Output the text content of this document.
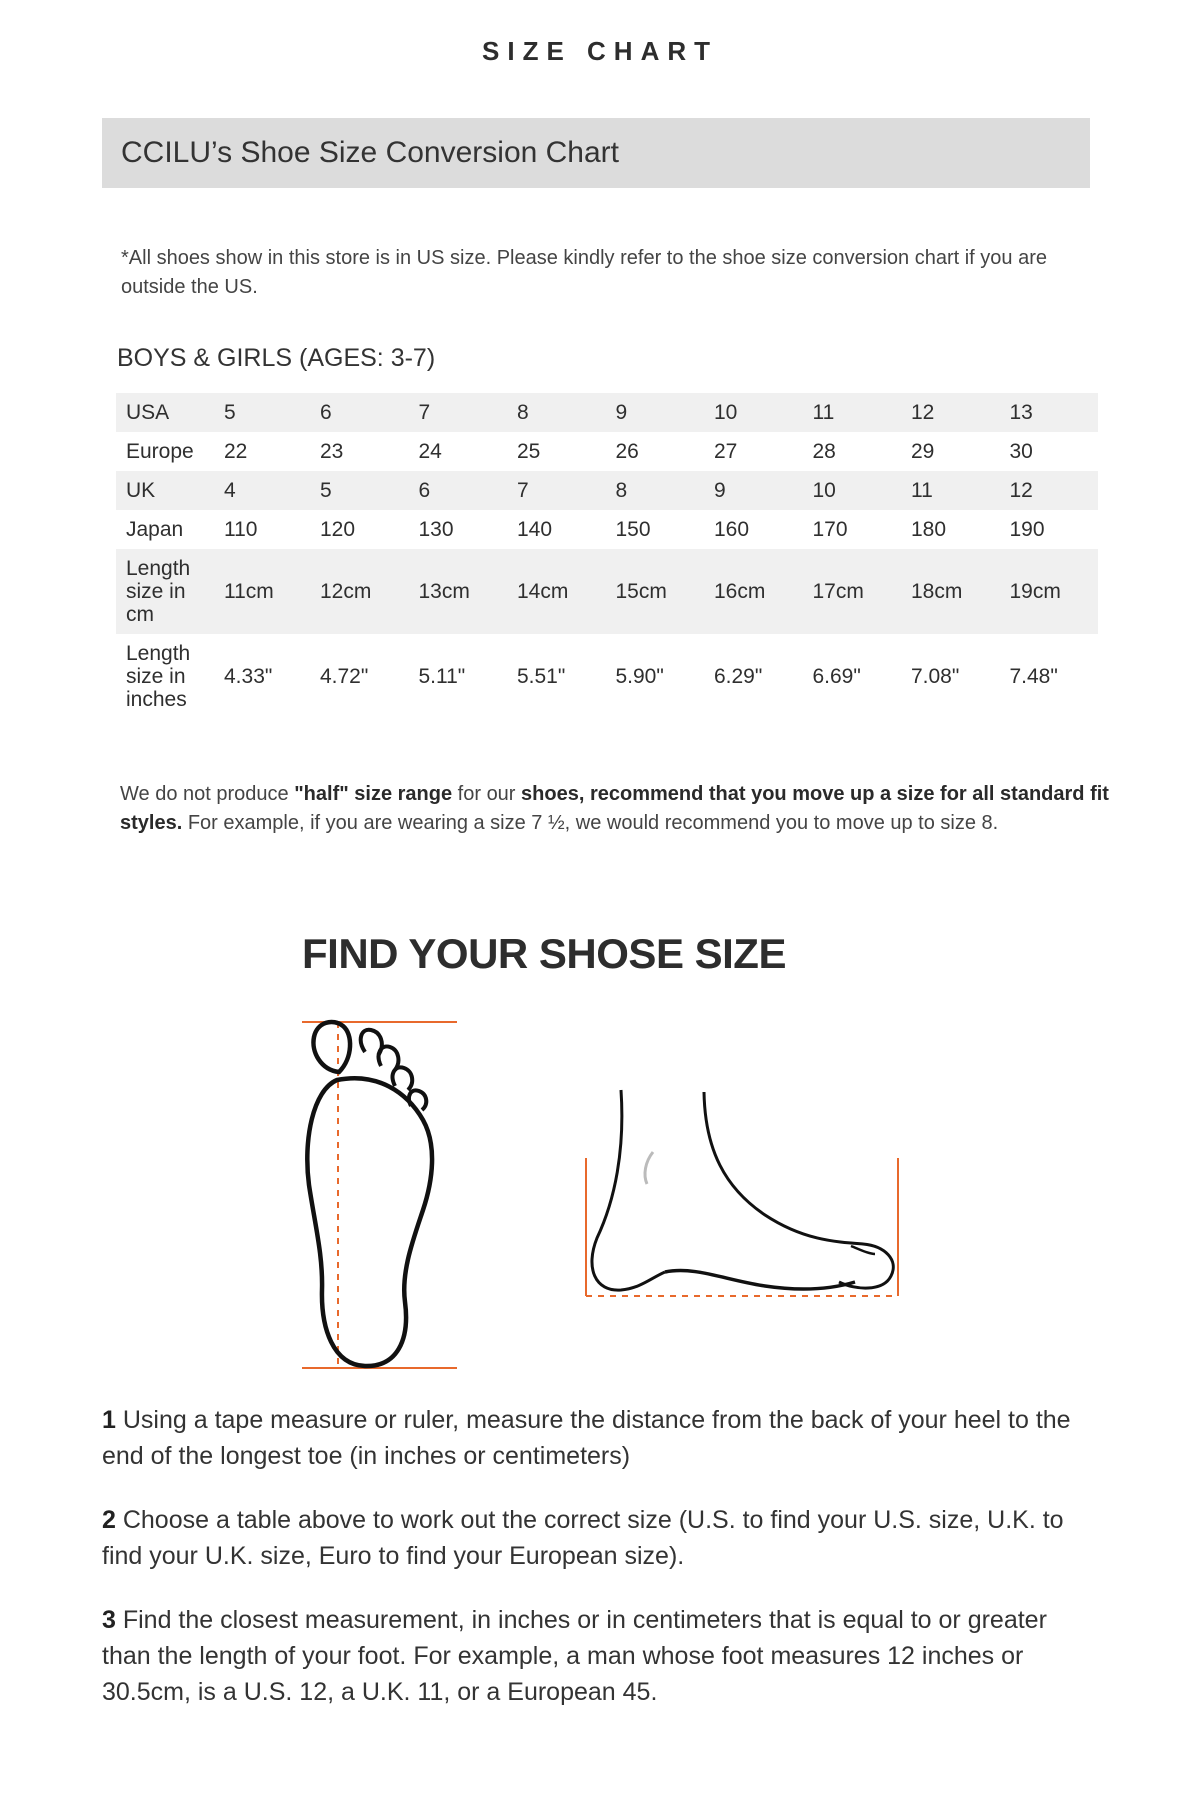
SIZE CHART
CCILU’s Shoe Size Conversion Chart
*All shoes show in this store is in US size. Please kindly refer to the shoe size conversion chart if you are outside the US.
BOYS & GIRLS (AGES: 3-7)
USA	5	6	7	8	9	10	11	12	13
Europe	22	23	24	25	26	27	28	29	30
UK	4	5	6	7	8	9	10	11	12
Japan	110	120	130	140	150	160	170	180	190
Length size in cm	11cm	12cm	13cm	14cm	15cm	16cm	17cm	18cm	19cm
Length size in inches	4.33"	4.72"	5.11"	5.51"	5.90"	6.29"	6.69"	7.08"	7.48"
We do not produce "half" size range for our shoes, recommend that you move up a size for all standard fit styles. For example, if you are wearing a size 7 ½, we would recommend you to move up to size 8.
FIND YOUR SHOSE SIZE

1 Using a tape measure or ruler, measure the distance from the back of your heel to the end of the longest toe (in inches or centimeters)

2 Choose a table above to work out the correct size (U.S. to find your U.S. size, U.K. to find your U.K. size, Euro to find your European size).

3 Find the closest measurement, in inches or in centimeters that is equal to or greater than the length of your foot. For example, a man whose foot measures 12 inches or 30.5cm, is a U.S. 12, a U.K. 11, or a European 45.
